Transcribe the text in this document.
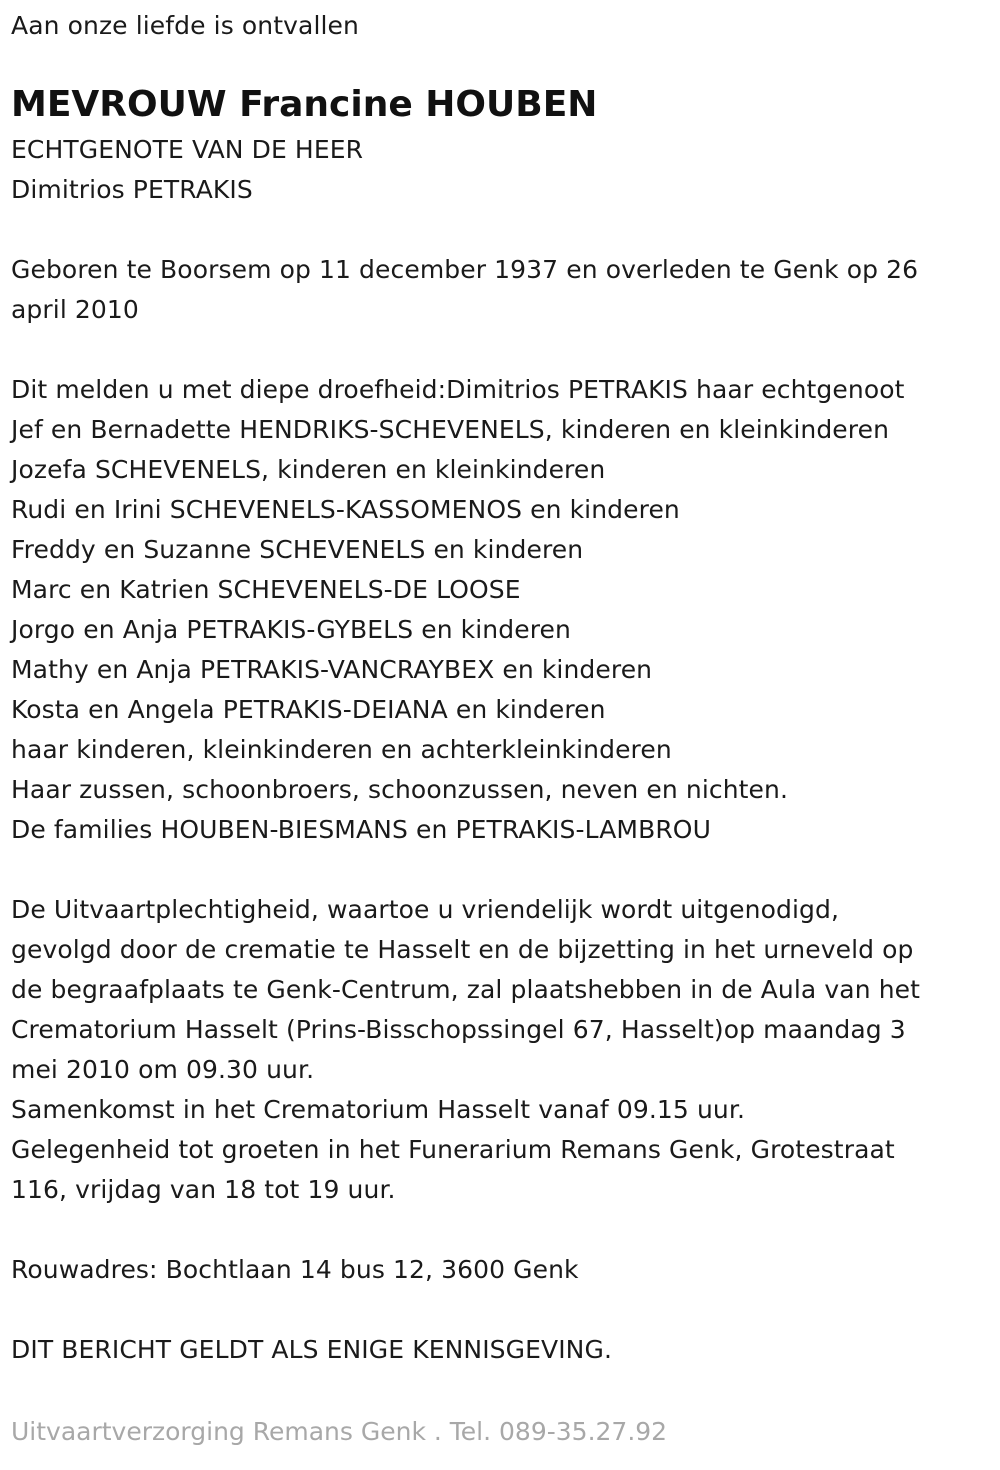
Aan onze liefde is ontvallen
MEVROUW Francine HOUBEN
ECHTGENOTE VAN DE HEER
Dimitrios PETRAKIS
Geboren te Boorsem op 11 december 1937 en overleden te Genk op 26
april 2010
Dit melden u met diepe droefheid:Dimitrios PETRAKIS haar echtgenoot
Jef en Bernadette HENDRIKS-SCHEVENELS, kinderen en kleinkinderen
Jozefa SCHEVENELS, kinderen en kleinkinderen
Rudi en Irini SCHEVENELS-KASSOMENOS en kinderen
Freddy en Suzanne SCHEVENELS en kinderen
Marc en Katrien SCHEVENELS-DE LOOSE
Jorgo en Anja PETRAKIS-GYBELS en kinderen
Mathy en Anja PETRAKIS-VANCRAYBEX en kinderen
Kosta en Angela PETRAKIS-DEIANA en kinderen
haar kinderen, kleinkinderen en achterkleinkinderen
Haar zussen, schoonbroers, schoonzussen, neven en nichten.
De families HOUBEN-BIESMANS en PETRAKIS-LAMBROU
De Uitvaartplechtigheid, waartoe u vriendelijk wordt uitgenodigd,
gevolgd door de crematie te Hasselt en de bijzetting in het urneveld op
de begraafplaats te Genk-Centrum, zal plaatshebben in de Aula van het
Crematorium Hasselt (Prins-Bisschopssingel 67, Hasselt)op maandag 3
mei 2010 om 09.30 uur.
Samenkomst in het Crematorium Hasselt vanaf 09.15 uur.
Gelegenheid tot groeten in het Funerarium Remans Genk, Grotestraat
116, vrijdag van 18 tot 19 uur.
Rouwadres: Bochtlaan 14 bus 12, 3600 Genk
DIT BERICHT GELDT ALS ENIGE KENNISGEVING.
Uitvaartverzorging Remans Genk . Tel. 089-35.27.92
